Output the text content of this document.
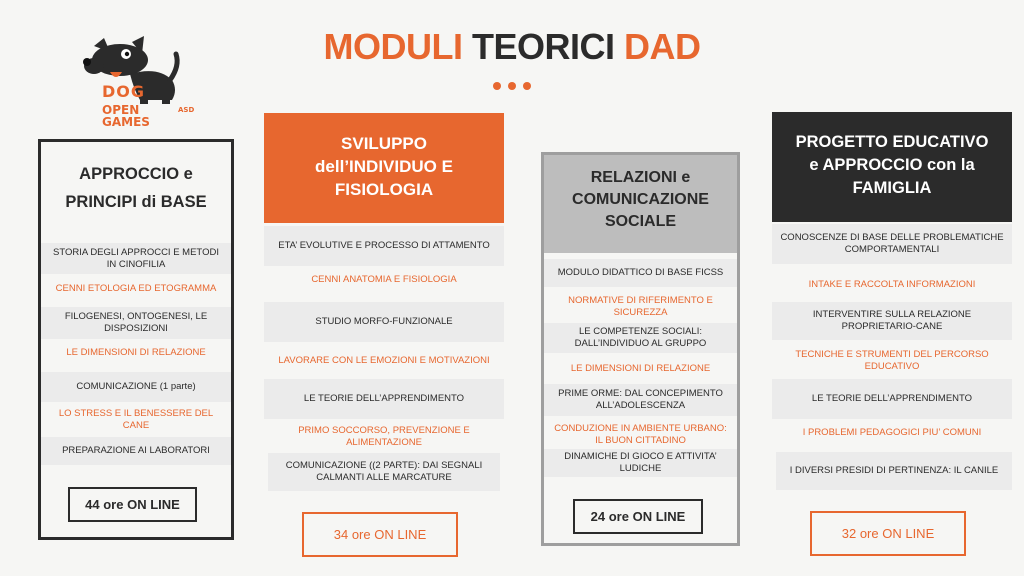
DOG
OPEN GAMES
ASD
MODULI TEORICI DAD
APPROCCIO e
PRINCIPI di BASE
STORIA DEGLI APPROCCI E METODI IN CINOFILIA
CENNI ETOLOGIA ED ETOGRAMMA
FILOGENESI, ONTOGENESI, LE DISPOSIZIONI
LE DIMENSIONI DI RELAZIONE
COMUNICAZIONE (1 parte)
LO STRESS E IL BENESSERE DEL CANE
PREPARAZIONE AI LABORATORI
44 ore ON LINE
SVILUPPO
dell’INDIVIDUO E
FISIOLOGIA
ETA’ EVOLUTIVE E PROCESSO DI ATTAMENTO
CENNI ANATOMIA E FISIOLOGIA
STUDIO MORFO-FUNZIONALE
LAVORARE CON LE EMOZIONI E MOTIVAZIONI
LE TEORIE DELL’APPRENDIMENTO
PRIMO SOCCORSO, PREVENZIONE E ALIMENTAZIONE
COMUNICAZIONE ((2 PARTE): DAI SEGNALI CALMANTI ALLE MARCATURE
34 ore ON LINE
RELAZIONI e
COMUNICAZIONE
SOCIALE
MODULO DIDATTICO DI BASE FICSS
NORMATIVE DI RIFERIMENTO E SICUREZZA
LE COMPETENZE SOCIALI: DALL’INDIVIDUO AL GRUPPO
LE DIMENSIONI DI RELAZIONE
PRIME ORME: DAL CONCEPIMENTO ALL’ADOLESCENZA
CONDUZIONE IN AMBIENTE URBANO: IL BUON CITTADINO
DINAMICHE DI GIOCO E ATTIVITA’ LUDICHE
24 ore ON LINE
PROGETTO EDUCATIVO
e APPROCCIO con la
FAMIGLIA
CONOSCENZE DI BASE DELLE PROBLEMATICHE COMPORTAMENTALI
INTAKE E RACCOLTA INFORMAZIONI
INTERVENTIRE SULLA RELAZIONE PROPRIETARIO-CANE
TECNICHE E STRUMENTI DEL PERCORSO EDUCATIVO
LE TEORIE DELL’APPRENDIMENTO
I PROBLEMI PEDAGOGICI PIU’ COMUNI
I DIVERSI PRESIDI DI PERTINENZA: IL CANILE
32 ore ON LINE
